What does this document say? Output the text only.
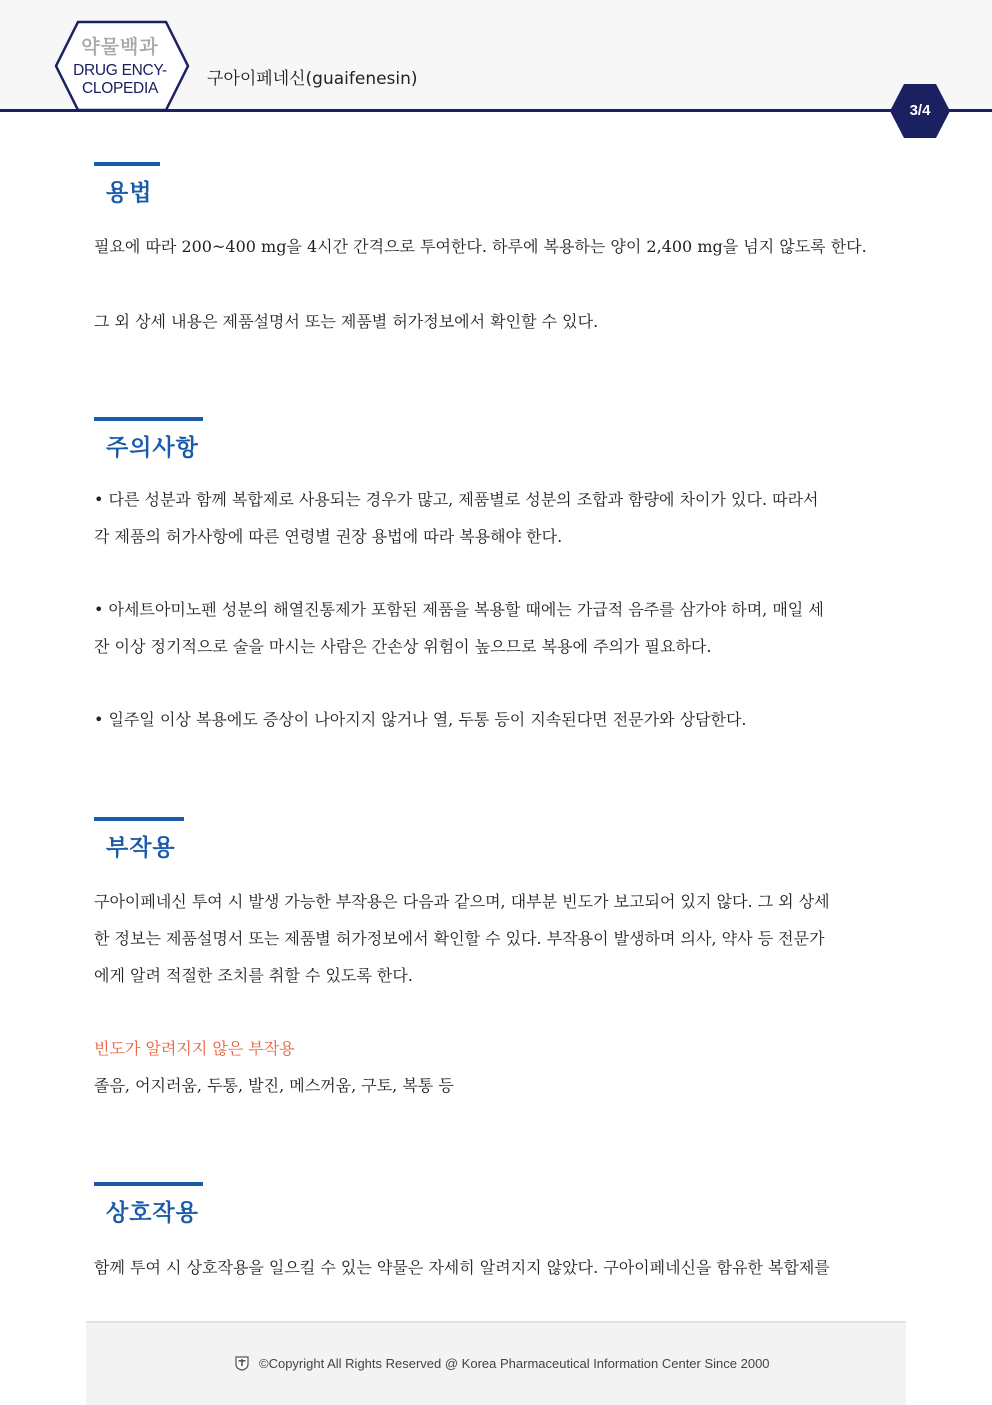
약물백과
DRUG ENCY-
CLOPEDIA	구아이페네신(guaifenesin)
3/4
용법
필요에 따라 200~400 mg을 4시간 간격으로 투여한다. 하루에 복용하는 양이 2,400 mg을 넘지 않도록 한다.
그 외 상세 내용은 제품설명서 또는 제품별 허가정보에서 확인할 수 있다.
주의사항
• 다른 성분과 함께 복합제로 사용되는 경우가 많고, 제품별로 성분의 조합과 함량에 차이가 있다. 따라서
각 제품의 허가사항에 따른 연령별 권장 용법에 따라 복용해야 한다.
• 아세트아미노펜 성분의 해열진통제가 포함된 제품을 복용할 때에는 가급적 음주를 삼가야 하며, 매일 세
잔 이상 정기적으로 술을 마시는 사람은 간손상 위험이 높으므로 복용에 주의가 필요하다.
• 일주일 이상 복용에도 증상이 나아지지 않거나 열, 두통 등이 지속된다면 전문가와 상담한다.
부작용
구아이페네신 투여 시 발생 가능한 부작용은 다음과 같으며, 대부분 빈도가 보고되어 있지 않다. 그 외 상세
한 정보는 제품설명서 또는 제품별 허가정보에서 확인할 수 있다. 부작용이 발생하며 의사, 약사 등 전문가
에게 알려 적절한 조치를 취할 수 있도록 한다.
빈도가 알려지지 않은 부작용
졸음, 어지러움, 두통, 발진, 메스꺼움, 구토, 복통 등
상호작용
함께 투여 시 상호작용을 일으킬 수 있는 약물은 자세히 알려지지 않았다. 구아이페네신을 함유한 복합제를
©Copyright All Rights Reserved @ Korea Pharmaceutical Information Center Since 2000
